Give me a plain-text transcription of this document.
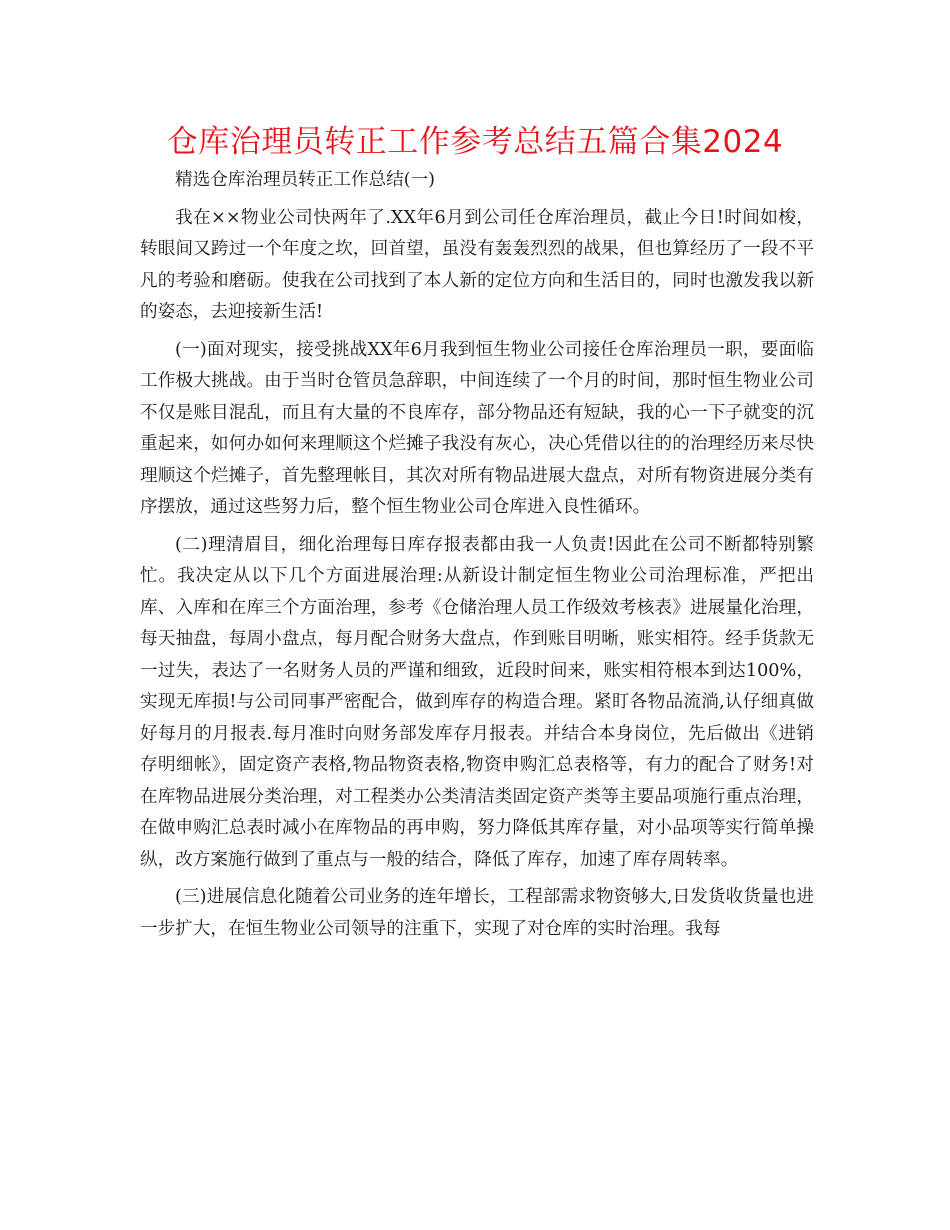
仓库治理员转正工作参考总结五篇合集2024

精选仓库治理员转正工作总结(一)

我在××物业公司快两年了.XX年6月到公司任仓库治理员，截止今日!时间如梭，转眼间又跨过一个年度之坎，回首望，虽没有轰轰烈烈的战果，但也算经历了一段不平凡的考验和磨砺。使我在公司找到了本人新的定位方向和生活目的，同时也激发我以新的姿态，去迎接新生活!

(一)面对现实，接受挑战XX年6月我到恒生物业公司接任仓库治理员一职，要面临工作极大挑战。由于当时仓管员急辞职，中间连续了一个月的时间，那时恒生物业公司不仅是账目混乱，而且有大量的不良库存，部分物品还有短缺，我的心一下子就变的沉重起来，如何办如何来理顺这个烂摊子我没有灰心，决心凭借以往的的治理经历来尽快理顺这个烂摊子，首先整理帐目，其次对所有物品进展大盘点，对所有物资进展分类有序摆放，通过这些努力后，整个恒生物业公司仓库进入良性循环。

(二)理清眉目，细化治理每日库存报表都由我一人负责!因此在公司不断都特别繁忙。我决定从以下几个方面进展治理:从新设计制定恒生物业公司治理标准，严把出库、入库和在库三个方面治理，参考《仓储治理人员工作级效考核表》进展量化治理，每天抽盘，每周小盘点，每月配合财务大盘点，作到账目明晰，账实相符。经手货款无一过失，表达了一名财务人员的严谨和细致，近段时间来，账实相符根本到达100%，实现无库损!与公司同事严密配合，做到库存的构造合理。紧盯各物品流淌,认仔细真做好每月的月报表.每月准时向财务部发库存月报表。并结合本身岗位，先后做出《进销存明细帐》，固定资产表格,物品物资表格,物资申购汇总表格等，有力的配合了财务!对在库物品进展分类治理，对工程类办公类清洁类固定资产类等主要品项施行重点治理，在做申购汇总表时减小在库物品的再申购，努力降低其库存量，对小品项等实行简单操纵，改方案施行做到了重点与一般的结合，降低了库存，加速了库存周转率。

(三)进展信息化随着公司业务的连年增长，工程部需求物资够大,日发货收货量也进一步扩大，在恒生物业公司领导的注重下，实现了对仓库的实时治理。我每
